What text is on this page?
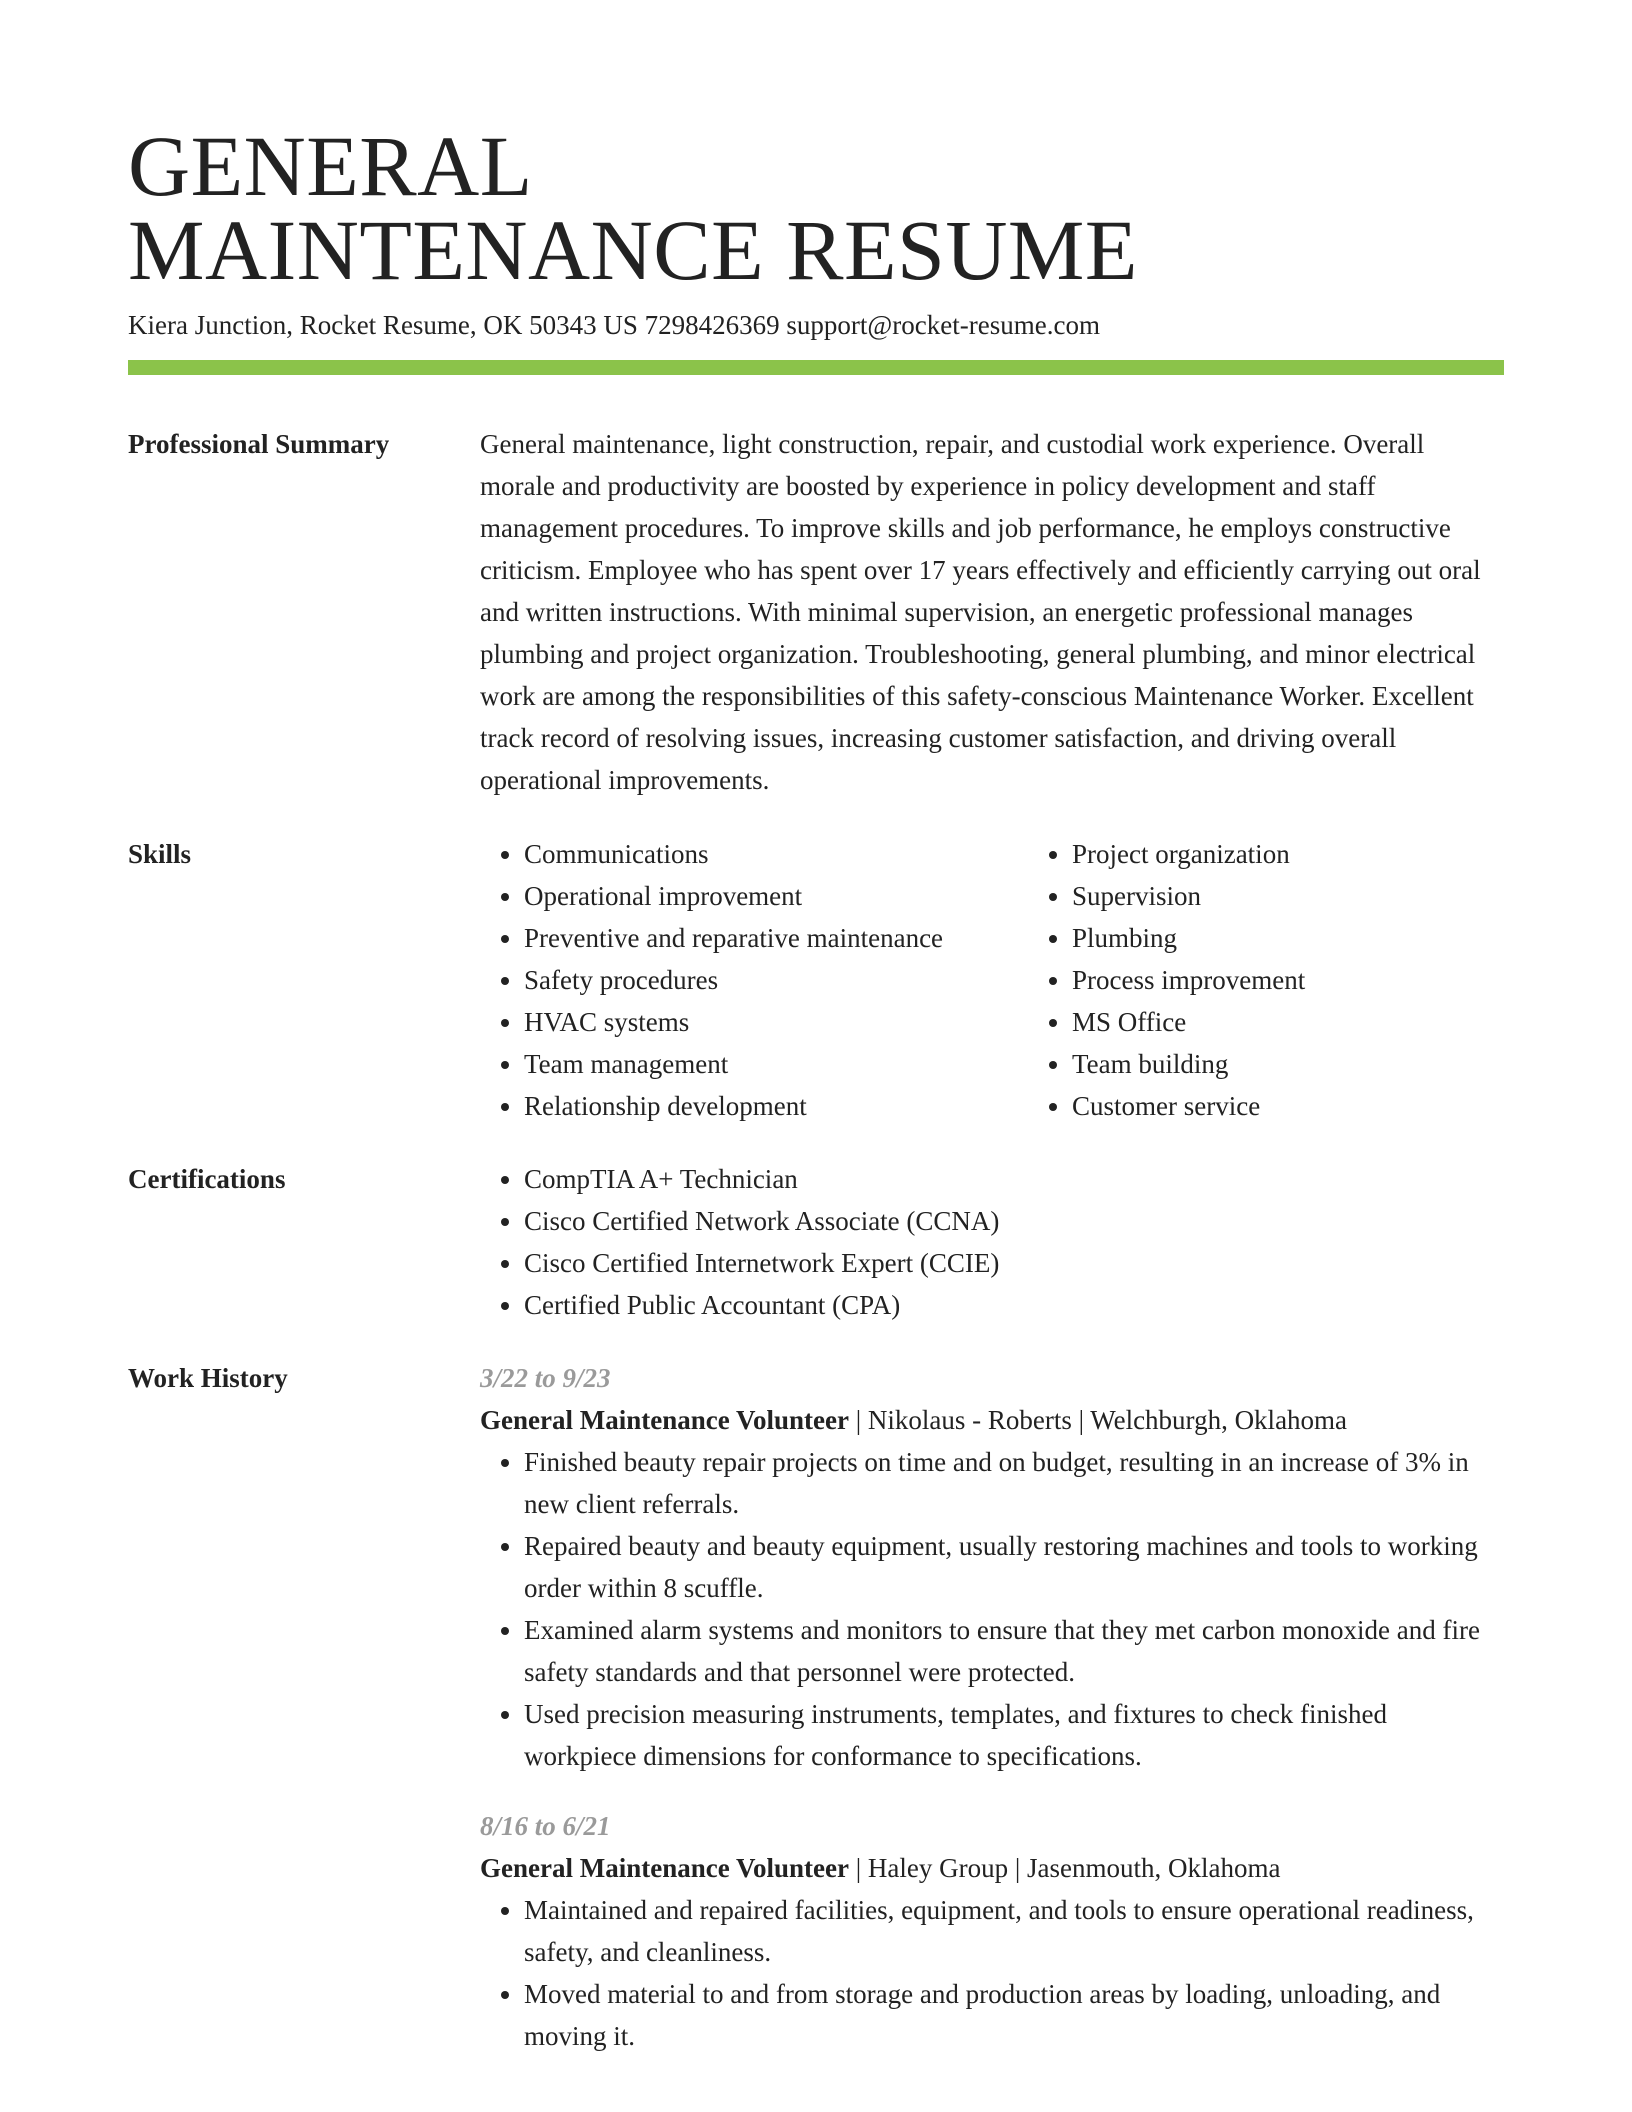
GENERAL
MAINTENANCE RESUME
Kiera Junction, Rocket Resume, OK 50343 US 7298426369 support@rocket-resume.com
Professional Summary	General maintenance, light construction, repair, and custodial work experience. Overall morale and productivity are boosted by experience in policy development and staff management procedures. To improve skills and job performance, he employs constructive criticism. Employee who has spent over 17 years effectively and efficiently carrying out oral and written instructions. With minimal supervision, an energetic professional manages plumbing and project organization. Troubleshooting, general plumbing, and minor electrical work are among the responsibilities of this safety-conscious Maintenance Worker. Excellent track record of resolving issues, increasing customer satisfaction, and driving overall operational improvements.
Skills	• Communications
• Operational improvement
• Preventive and reparative maintenance
• Safety procedures
• HVAC systems
• Team management
• Relationship development
• Project organization
• Supervision
• Plumbing
• Process improvement
• MS Office
• Team building
• Customer service
Certifications	• CompTIA A+ Technician
• Cisco Certified Network Associate (CCNA)
• Cisco Certified Internetwork Expert (CCIE)
• Certified Public Accountant (CPA)
Work History	3/22 to 9/23
General Maintenance Volunteer | Nikolaus - Roberts | Welchburgh, Oklahoma
• Finished beauty repair projects on time and on budget, resulting in an increase of 3% in new client referrals.
• Repaired beauty and beauty equipment, usually restoring machines and tools to working order within 8 scuffle.
• Examined alarm systems and monitors to ensure that they met carbon monoxide and fire safety standards and that personnel were protected.
• Used precision measuring instruments, templates, and fixtures to check finished workpiece dimensions for conformance to specifications.
8/16 to 6/21
General Maintenance Volunteer | Haley Group | Jasenmouth, Oklahoma
• Maintained and repaired facilities, equipment, and tools to ensure operational readiness, safety, and cleanliness.
• Moved material to and from storage and production areas by loading, unloading, and moving it.
